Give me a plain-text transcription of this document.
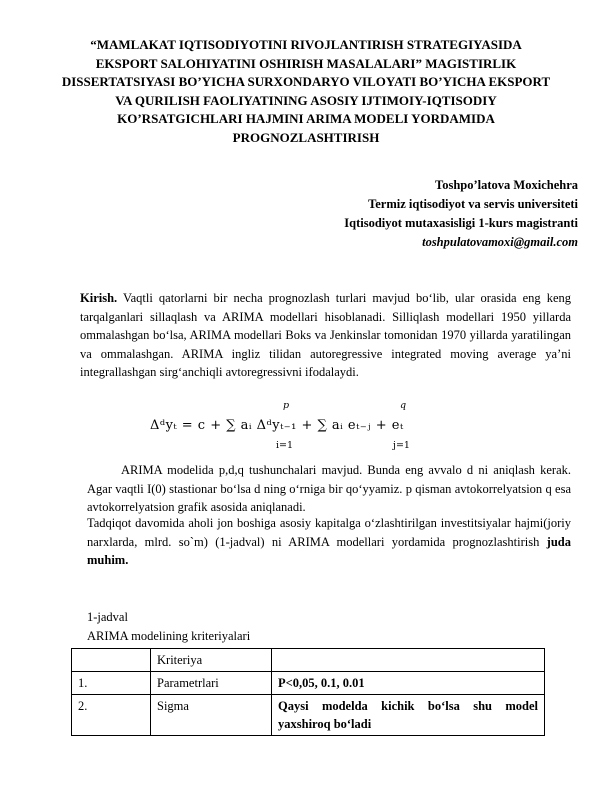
“MAMLAKAT IQTISODIYOTINI RIVOJLANTIRISH STRATEGIYASIDA EKSPORT SALOHIYATINI OSHIRISH MASALALARI” MAGISTIRLIK DISSERTATSIYASI BO’YICHA SURXONDARYO VILOYATI BO’YICHA EKSPORT VA QURILISH FAOLIYATINING ASOSIY IJTIMOIY-IQTISODIY KO’RSATGICHLARI HAJMINI ARIMA MODELI YORDAMIDA PROGNOZLASHTIRISH
Toshpo’latova Moxichehra
Termiz iqtisodiyot va servis universiteti
Iqtisodiyot mutaxasisligi 1-kurs magistranti
toshpulatovamoxi@gmail.com

Kirish. Vaqtli qatorlarni bir necha prognozlash turlari mavjud bo‘lib, ular orasida eng keng tarqalganlari sillaqlash va ARIMA modellari hisoblanadi. Silliqlash modellari 1950 yillarda ommalashgan bo‘lsa, ARIMA modellari Boks va Jenkinslar tomonidan 1970 yillarda yaratilingan va ommalashgan. ARIMA ingliz tilidan autoregressive integrated moving average ya’ni integrallashgan sirg‘anchiqli avtoregressivni ifodalaydi.

p	q
Δᵈyₜ = c + ∑ aᵢ Δᵈyₜ₋₁ + ∑ aᵢ eₜ₋ⱼ + eₜ
i=1	j=1

ARIMA modelida p,d,q tushunchalari mavjud. Bunda eng avvalo d ni aniqlash kerak. Agar vaqtli I(0) stastionar bo‘lsa d ning o‘rniga bir qo‘yyamiz. p qisman avtokorrelyatsion q esa avtokorrelyatsion grafik asosida aniqlanadi.

Tadqiqot davomida aholi jon boshiga asosiy kapitalga o‘zlashtirilgan investitsiyalar hajmi(joriy narxlarda, mlrd. so`m) (1-jadval) ni ARIMA modellari yordamida prognozlashtirish juda muhim.

1-jadval
ARIMA modelining kriteriyalari
	Kriteriya	
1.	Parametrlari	P<0,05, 0.1, 0.01
2.	Sigma	Qaysi modelda kichik bo‘lsa shu model yaxshiroq bo‘ladi
